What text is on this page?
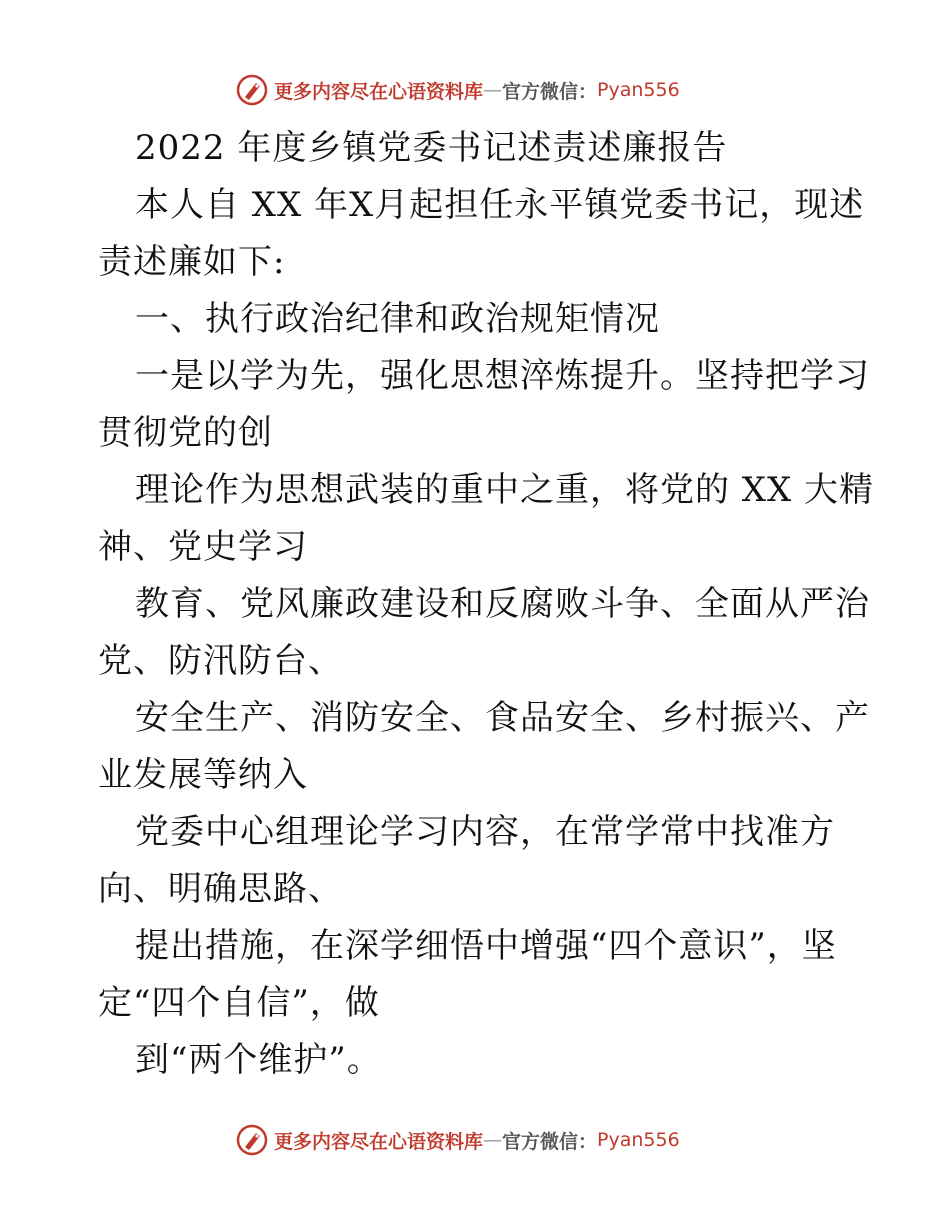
更多内容尽在心语资料库 — 官方微信： Pyan556
2022 年度乡镇党委书记述责述廉报告
本人自 XX 年X月起担任永平镇党委书记，现述
责述廉如下:
一、执行政治纪律和政治规矩情况
一是以学为先，强化思想淬炼提升。坚持把学习
贯彻党的创
理论作为思想武装的重中之重，将党的 XX 大精
神、党史学习
教育、党风廉政建设和反腐败斗争、全面从严治
党、防汛防台、
安全生产、消防安全、食品安全、乡村振兴、产
业发展等纳入
党委中心组理论学习内容，在常学常中找准方
向、明确思路、
提出措施，在深学细悟中增强“四个意识”，坚
定“四个自信”，做
到“两个维护”。
更多内容尽在心语资料库 — 官方微信： Pyan556
